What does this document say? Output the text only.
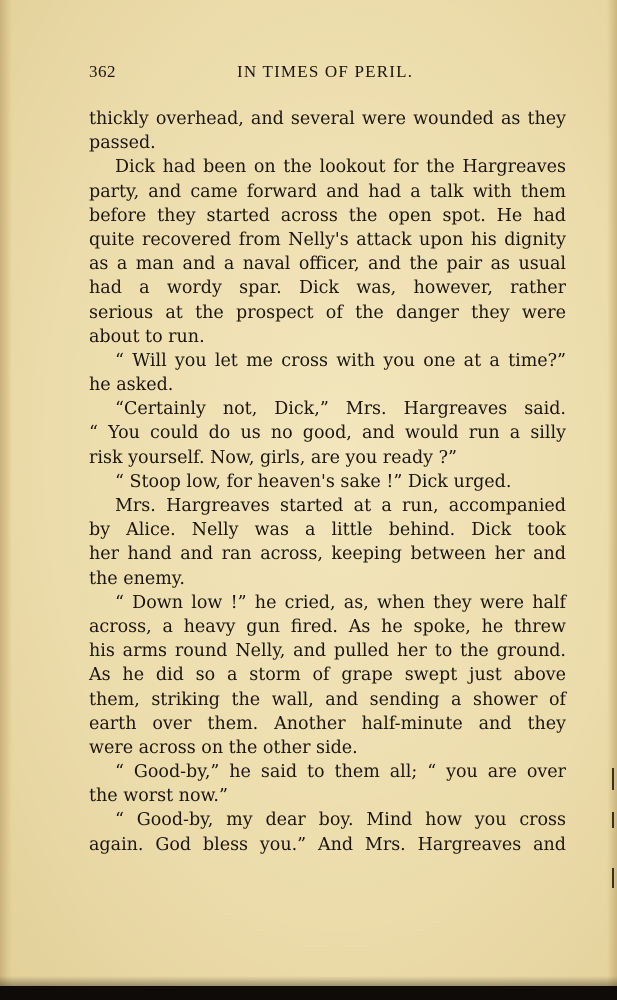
362	IN TIMES OF PERIL.
thickly overhead, and several were wounded as they
passed.
Dick had been on the lookout for the Hargreaves
party, and came forward and had a talk with them
before they started across the open spot. He had
quite recovered from Nelly's attack upon his dignity
as a man and a naval officer, and the pair as usual
had a wordy spar. Dick was, however, rather
serious at the prospect of the danger they were
about to run.
“ Will you let me cross with you one at a time?”
he asked.
“Certainly not, Dick,” Mrs. Hargreaves said.
“ You could do us no good, and would run a silly
risk yourself. Now, girls, are you ready ?”
“ Stoop low, for heaven's sake !” Dick urged.
Mrs. Hargreaves started at a run, accompanied
by Alice. Nelly was a little behind. Dick took
her hand and ran across, keeping between her and
the enemy.
“ Down low !” he cried, as, when they were half
across, a heavy gun fired. As he spoke, he threw
his arms round Nelly, and pulled her to the ground.
As he did so a storm of grape swept just above
them, striking the wall, and sending a shower of
earth over them. Another half-minute and they
were across on the other side.
“ Good-by,” he said to them all; “ you are over
the worst now.”
“ Good-by, my dear boy. Mind how you cross
again. God bless you.” And Mrs. Hargreaves and
